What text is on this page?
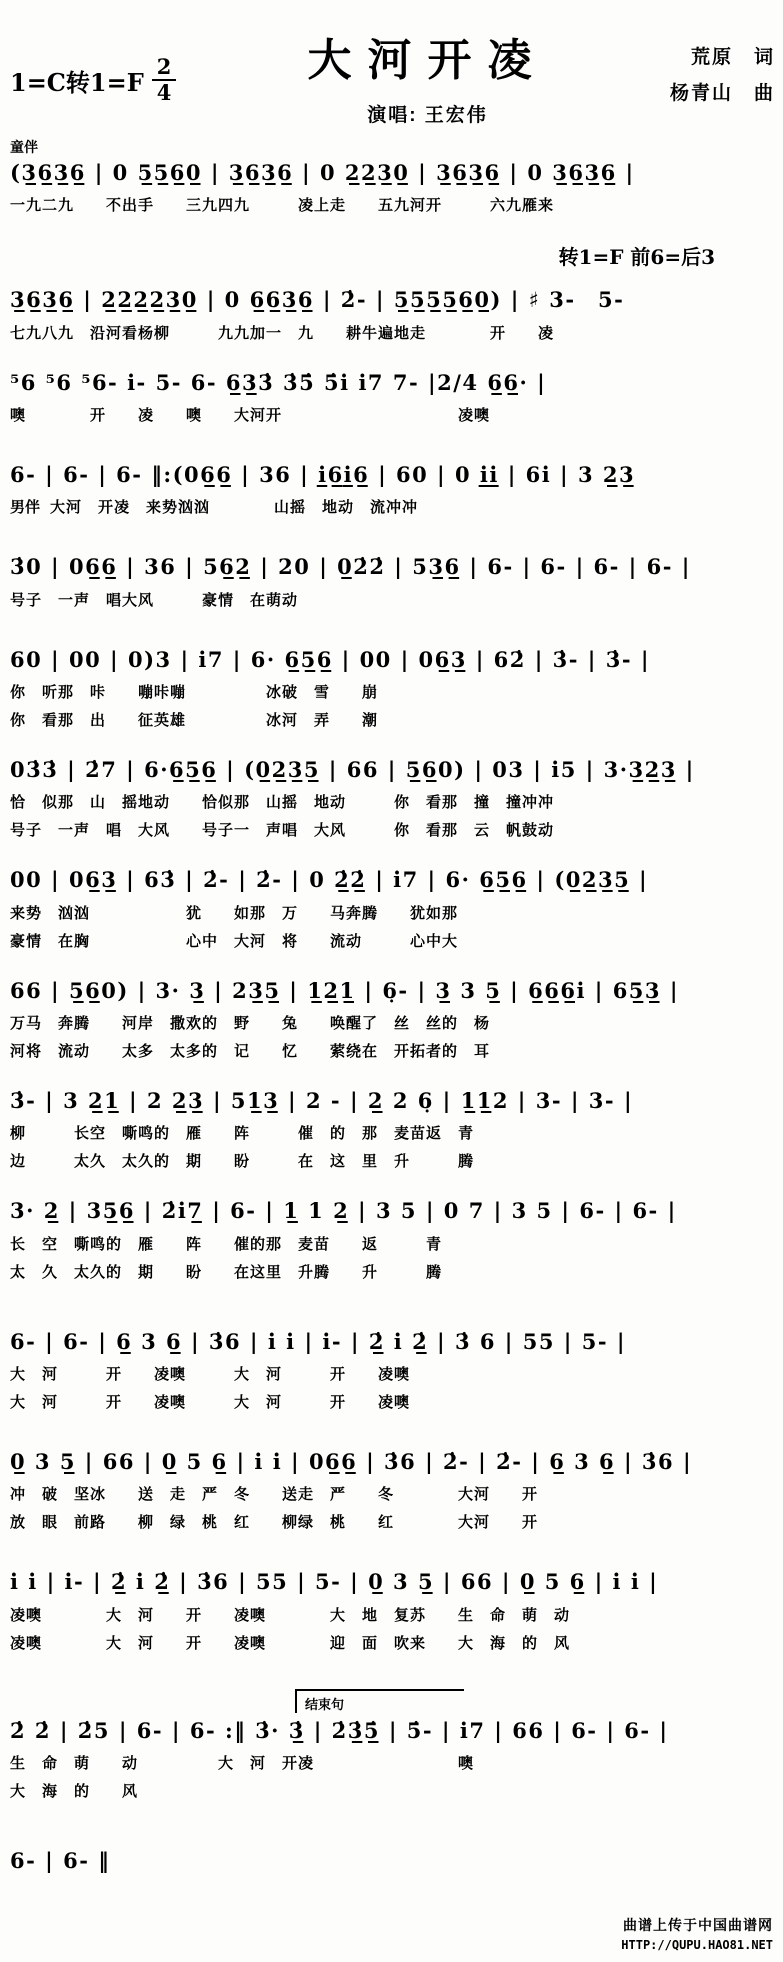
1=C转$1=F \frac{2}{4}$	大河开凌
演唱: 王宏伟
荒原　词
杨青山　曲
童伴
(3̲6̲3̲6̲ | 0 5̲5̲6̲0̲ | 3̲6̲3̲6̲ | 0 2̲2̲3̲0̲ | 3̲6̲3̲6̲ | 0 3̲6̲3̲6̲ |
一九二九　　不出手　　三九四九　　　凌上走　　五九河开　　　六九雁来
转1=F 前6=后3
3̲6̲3̲6̲ | 2̲2̲2̲2̲3̲0̲ | 0 6̲6̲3̲6̲ | 2̇- | 5̲5̲5̲5̲6̲0̲) | ♯ 3-　5-
七九八九　沿河看杨柳　　　九九加一　九　　耕牛遍地走　　　　开　　凌
⁵6 ⁵6 ⁵6- i- 5- 6- 6̲3̲3̇ 3̇5̇ 5̇i i7 7- |2/4 6̲6̲· |
噢　　　　开　　凌　　噢　　大河开　　　　　　　　　　　凌噢
6- | 6- | 6- ‖:(06̲6̲ | 36 | i̲6̲i̲6̲ | 60 | 0 i̲i̲ | 6i | 3 2̲3̲
男伴 大河　开凌　来势汹汹　　　　山摇　地动　流冲冲
3̇0 | 06̲6̲ | 36 | 56̲2̲ | 20 | 0̲2̇2̇ | 53̲6̲ | 6- | 6- | 6- | 6- |
号子　一声　唱大风　　　豪情　在萌动
60 | 00 | 0)3 | i7 | 6· 6̲5̲6̲ | 00 | 06̲3̲ | 62̇ | 3̇- | 3̇- |
你　听那　咔　　嘣咔嘣　　　　　冰破　雪　　崩
你　看那　出　　征英雄　　　　　冰河　弄　　潮
03̇3̇ | 2̇7 | 6·6̲5̲6̲ | (0̲2̲3̲5̲ | 66 | 5̲6̲0) | 03 | i5 | 3·3̲2̲3̲ |
恰　似那　山　摇地动　　恰似那　山摇　地动　　　你　看那　撞　撞冲冲
号子　一声　唱　大风　　号子一　声唱　大风　　　你　看那　云　帆鼓动
00 | 06̲3̲ | 63̇ | 2̇- | 2̇- | 0 2̲̇2̲̇ | i7 | 6· 6̲5̲6̲ | (0̲2̲3̲5̲ |
来势　汹汹　　　　　　犹　　如那　万　　马奔腾　　犹如那
豪情　在胸　　　　　　心中　大河　将　　流动　　　心中大
66 | 5̲6̲0) | 3· 3̲ | 23̲5̲ | 1̲2̲1̲ | 6̣- | 3̲ 3 5̲ | 6̲6̲6̲i | 65̲3̲ |
万马　奔腾　　河岸　撒欢的　野　　兔　　唤醒了　丝　丝的　杨
河将　流动　　太多　太多的　记　　忆　　萦绕在　开拓者的　耳
3̇- | 3 2̲1̲ | 2 2̲3̲ | 51̲3̲ | 2 - | 2̲ 2 6̣ | 1̲1̲2 | 3- | 3- |
柳　　　长空　嘶鸣的　雁　　阵　　　催　的　那　麦苗返　青
边　　　太久　太久的　期　　盼　　　在　这　里　升　　　腾
3· 2̲ | 35̲6̲ | 2̇i7̲ | 6- | 1̲ 1 2̲ | 3 5 | 0 7 | 3 5 | 6- | 6- |
长　空　嘶鸣的　雁　　阵　　催的那　麦苗　　返　　　青
太　久　太久的　期　　盼　　在这里　升腾　　升　　　腾
6- | 6- | 6̲ 3 6̲ | 3̇6 | i i | i- | 2̲̇ i 2̲̇ | 3̇ 6 | 55 | 5- |
大　河　　　开　　凌噢　　　大　河　　　开　　凌噢
大　河　　　开　　凌噢　　　大　河　　　开　　凌噢
0̲ 3 5̲ | 66 | 0̲ 5 6̲ | i i | 06̲6̲ | 3̇6 | 2̇- | 2̇- | 6̲ 3 6̲ | 3̇6 |
冲　破　坚冰　　送　走　严　冬　　送走　严　　冬　　　　大河　　开
放　眼　前路　　柳　绿　桃　红　　柳绿　桃　　红　　　　大河　　开
i i | i- | 2̲̇ i 2̲̇ | 3̇6 | 55 | 5- | 0̲ 3 5̲ | 66 | 0̲ 5 6̲ | i i |
凌噢　　　　大　河　　开　　凌噢　　　　大　地　复苏　　生　命　萌　动
凌噢　　　　大　河　　开　　凌噢　　　　迎　面　吹来　　大　海　的　风
结束句
2̇ 2̇ | 2̇5 | 6- | 6- :‖ 3̇· 3̲̇ | 2̇3̲̇5̲̇ | 5̇- | i7 | 66 | 6- | 6- |
生　命　萌　　动　　　　　大　河　开凌　　　　　　　　　噢
大　海　的　　风
6- | 6- ‖
曲谱上传于中国曲谱网
HTTP://QUPU.HAO81.NET
